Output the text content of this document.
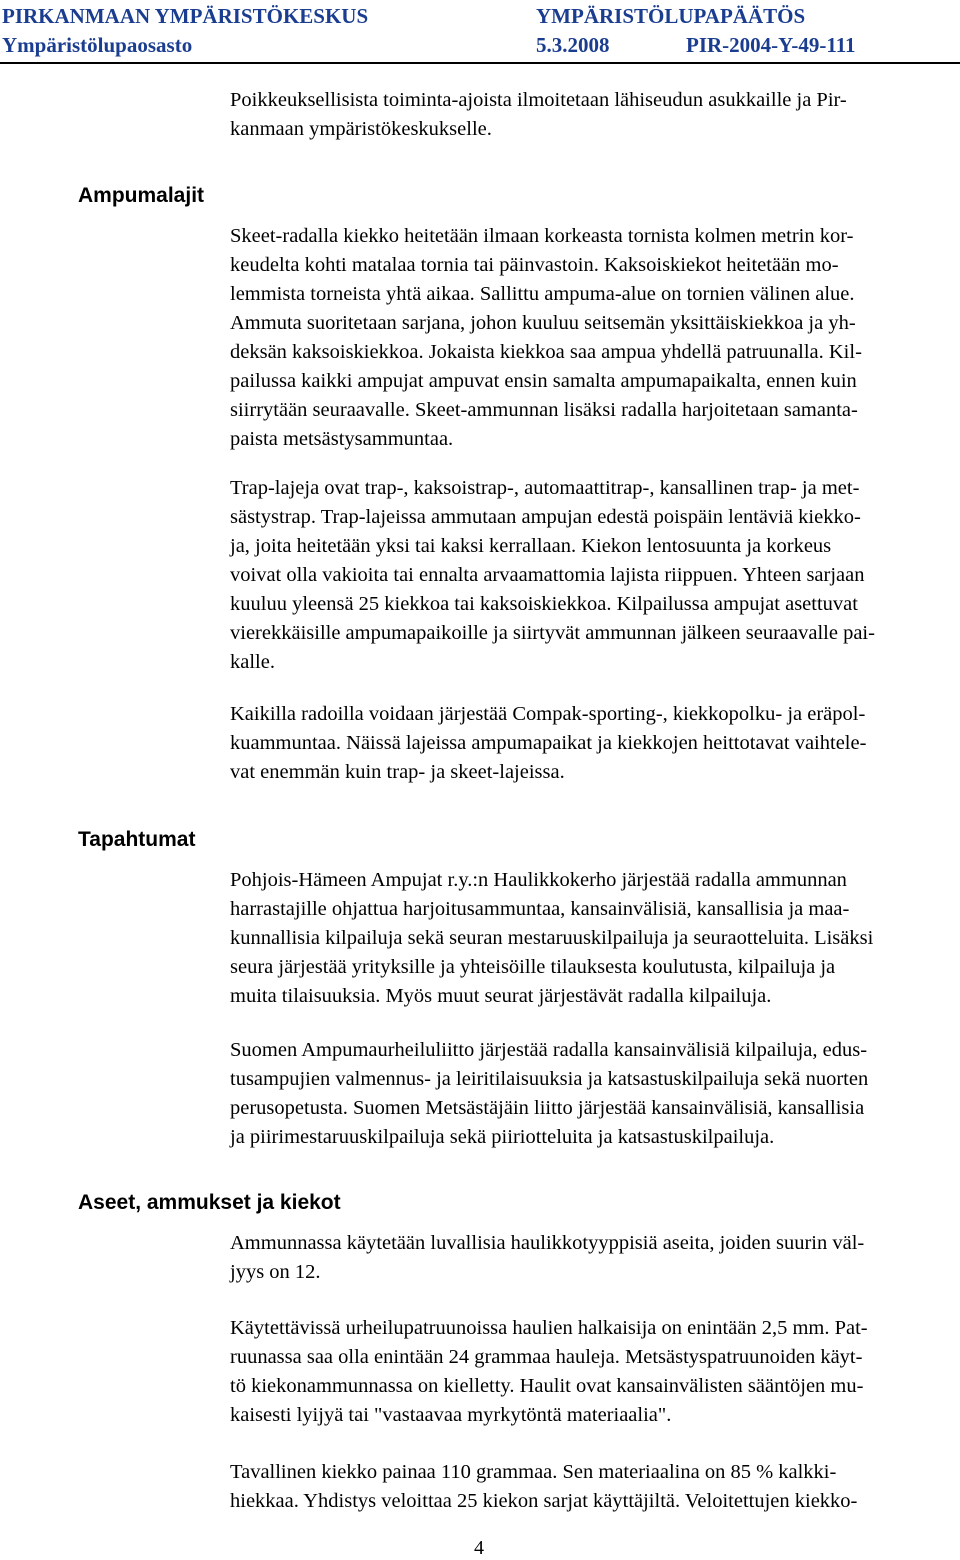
PIRKANMAAN YMPÄRISTÖKESKUS	YMPÄRISTÖLUPAPÄÄTÖS
Ympäristölupaosasto	5.3.2008	PIR-2004-Y-49-111

Poikkeuksellisista toiminta-ajoista ilmoitetaan lähiseudun asukkaille ja Pir-
kanmaan ympäristökeskukselle.

Ampumalajit

Skeet-radalla kiekko heitetään ilmaan korkeasta tornista kolmen metrin kor-
keudelta kohti matalaa tornia tai päinvastoin. Kaksoiskiekot heitetään mo-
lemmista torneista yhtä aikaa. Sallittu ampuma-alue on tornien välinen alue.
Ammuta suoritetaan sarjana, johon kuuluu seitsemän yksittäiskiekkoa ja yh-
deksän kaksoiskiekkoa. Jokaista kiekkoa saa ampua yhdellä patruunalla. Kil-
pailussa kaikki ampujat ampuvat ensin samalta ampumapaikalta, ennen kuin
siirrytään seuraavalle. Skeet-ammunnan lisäksi radalla harjoitetaan samanta-
paista metsästysammuntaa.

Trap-lajeja ovat trap-, kaksoistrap-, automaattitrap-, kansallinen trap- ja met-
sästystrap. Trap-lajeissa ammutaan ampujan edestä poispäin lentäviä kiekko-
ja, joita heitetään yksi tai kaksi kerrallaan. Kiekon lentosuunta ja korkeus
voivat olla vakioita tai ennalta arvaamattomia lajista riippuen. Yhteen sarjaan
kuuluu yleensä 25 kiekkoa tai kaksoiskiekkoa. Kilpailussa ampujat asettuvat
vierekkäisille ampumapaikoille ja siirtyvät ammunnan jälkeen seuraavalle pai-
kalle.

Kaikilla radoilla voidaan järjestää Compak-sporting-, kiekkopolku- ja eräpol-
kuammuntaa. Näissä lajeissa ampumapaikat ja kiekkojen heittotavat vaihtele-
vat enemmän kuin trap- ja skeet-lajeissa.

Tapahtumat

Pohjois-Hämeen Ampujat r.y.:n Haulikkokerho järjestää radalla ammunnan
harrastajille ohjattua harjoitusammuntaa, kansainvälisiä, kansallisia ja maa-
kunnallisia kilpailuja sekä seuran mestaruuskilpailuja ja seuraotteluita. Lisäksi
seura järjestää yrityksille ja yhteisöille tilauksesta koulutusta, kilpailuja ja
muita tilaisuuksia. Myös muut seurat järjestävät radalla kilpailuja.

Suomen Ampumaurheiluliitto järjestää radalla kansainvälisiä kilpailuja, edus-
tusampujien valmennus- ja leiritilaisuuksia ja katsastuskilpailuja sekä nuorten
perusopetusta. Suomen Metsästäjäin liitto järjestää kansainvälisiä, kansallisia
ja piirimestaruuskilpailuja sekä piiriotteluita ja katsastuskilpailuja.

Aseet, ammukset ja kiekot

Ammunnassa käytetään luvallisia haulikkotyyppisiä aseita, joiden suurin väl-
jyys on 12.

Käytettävissä urheilupatruunoissa haulien halkaisija on enintään 2,5 mm. Pat-
ruunassa saa olla enintään 24 grammaa hauleja. Metsästyspatruunoiden käyt-
tö kiekonammunnassa on kielletty. Haulit ovat kansainvälisten sääntöjen mu-
kaisesti lyijyä tai "vastaavaa myrkytöntä materiaalia".

Tavallinen kiekko painaa 110 grammaa. Sen materiaalina on 85 % kalkki-
hiekkaa. Yhdistys veloittaa 25 kiekon sarjat käyttäjiltä. Veloitettujen kiekko-

4
